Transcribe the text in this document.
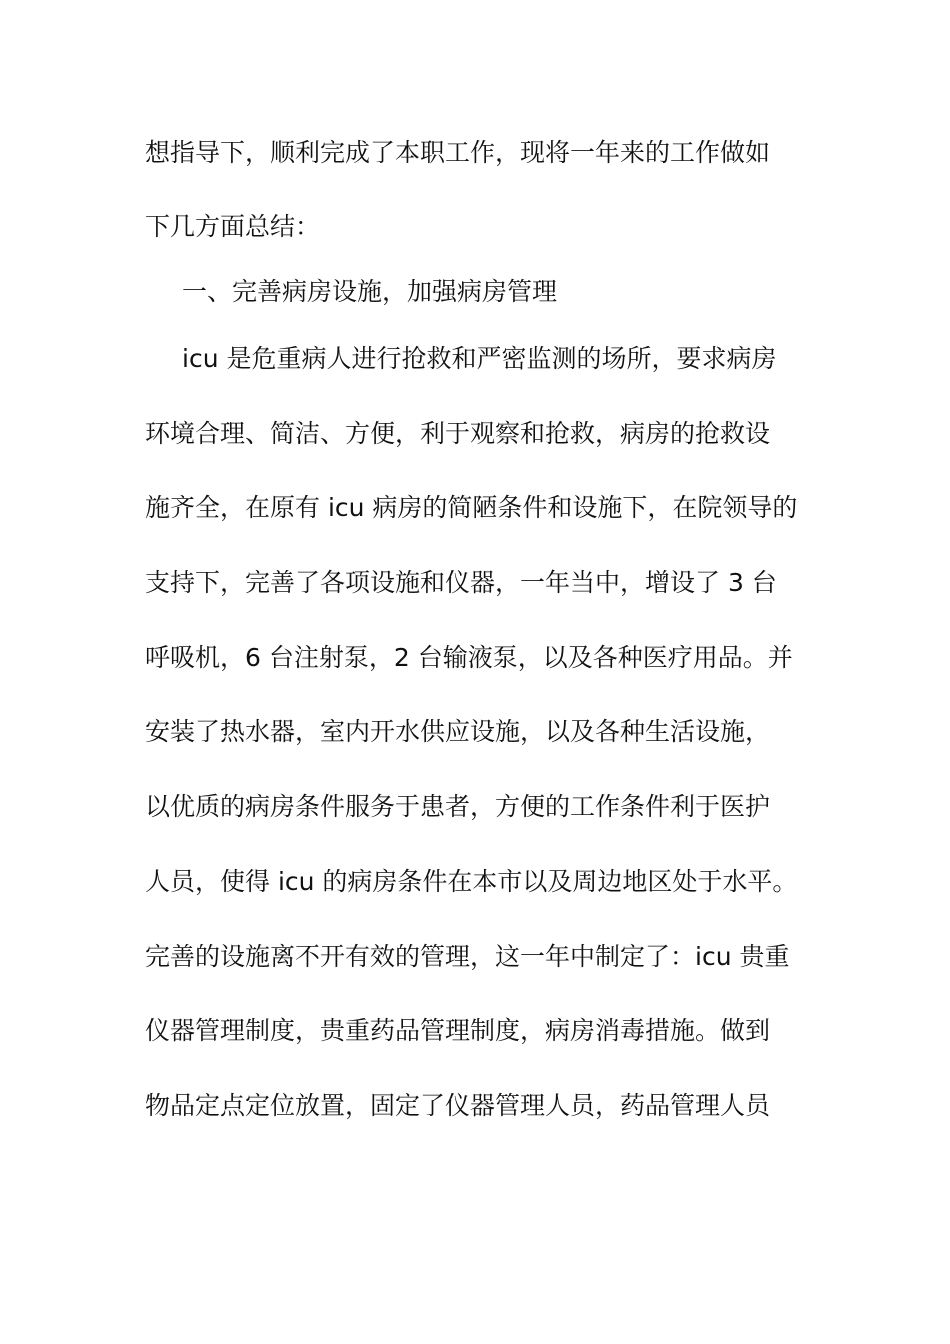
想指导下，顺利完成了本职工作，现将一年来的工作做如
下几方面总结：
一、完善病房设施，加强病房管理
icu 是危重病人进行抢救和严密监测的场所，要求病房
环境合理、简洁、方便，利于观察和抢救，病房的抢救设
施齐全，在原有 icu 病房的简陋条件和设施下，在院领导的
支持下，完善了各项设施和仪器，一年当中，增设了 3 台
呼吸机，6 台注射泵，2 台输液泵，以及各种医疗用品。并
安装了热水器，室内开水供应设施，以及各种生活设施，
以优质的病房条件服务于患者，方便的工作条件利于医护
人员，使得 icu 的病房条件在本市以及周边地区处于水平。
完善的设施离不开有效的管理，这一年中制定了：icu 贵重
仪器管理制度，贵重药品管理制度，病房消毒措施。做到
物品定点定位放置，固定了仪器管理人员，药品管理人员
